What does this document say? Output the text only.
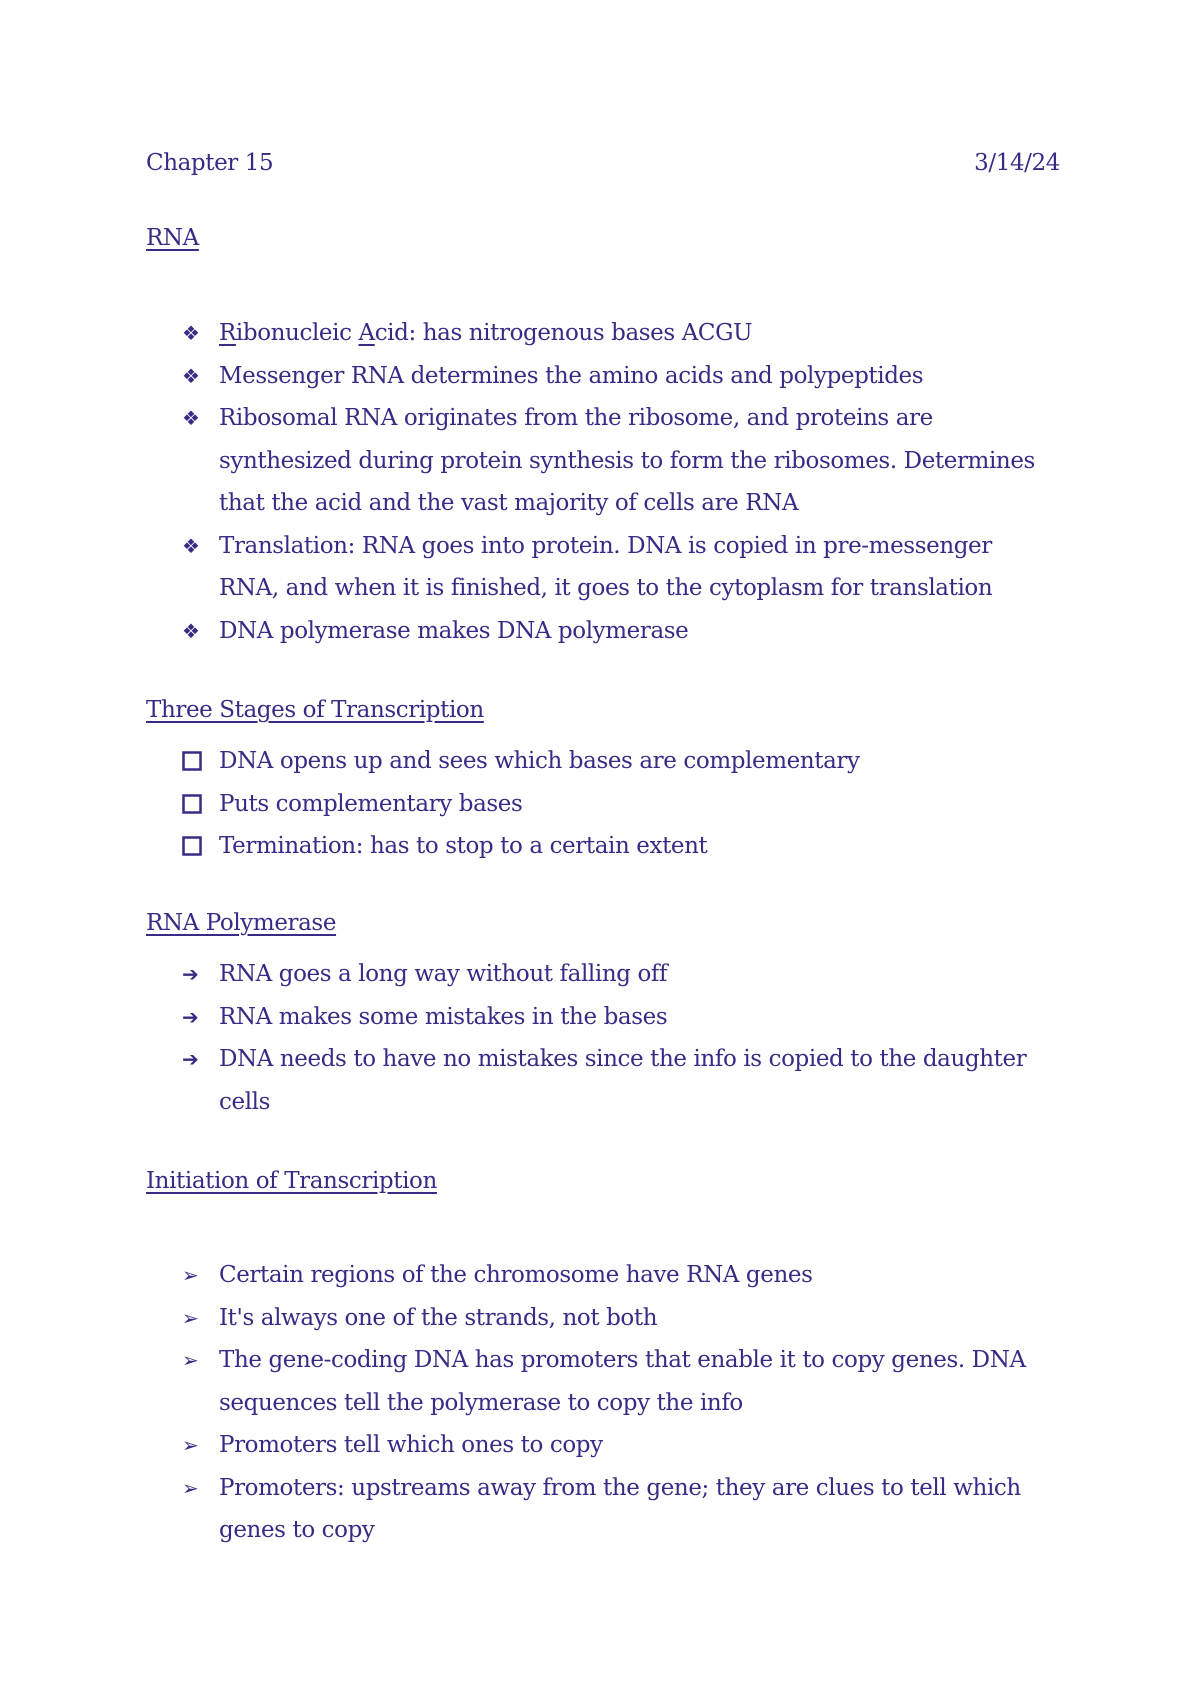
Chapter 15	3/14/24
RNA
❖ Ribonucleic Acid: has nitrogenous bases ACGU
❖ Messenger RNA determines the amino acids and polypeptides
❖ Ribosomal RNA originates from the ribosome, and proteins are synthesized during protein synthesis to form the ribosomes. Determines that the acid and the vast majority of cells are RNA
❖ Translation: RNA goes into protein. DNA is copied in pre-messenger RNA, and when it is finished, it goes to the cytoplasm for translation
❖ DNA polymerase makes DNA polymerase
Three Stages of Transcription
DNA opens up and sees which bases are complementary
Puts complementary bases
Termination: has to stop to a certain extent
RNA Polymerase
➔ RNA goes a long way without falling off
➔ RNA makes some mistakes in the bases
➔ DNA needs to have no mistakes since the info is copied to the daughter cells
Initiation of Transcription
➢ Certain regions of the chromosome have RNA genes
➢ It's always one of the strands, not both
➢ The gene-coding DNA has promoters that enable it to copy genes. DNA sequences tell the polymerase to copy the info
➢ Promoters tell which ones to copy
➢ Promoters: upstreams away from the gene; they are clues to tell which genes to copy
